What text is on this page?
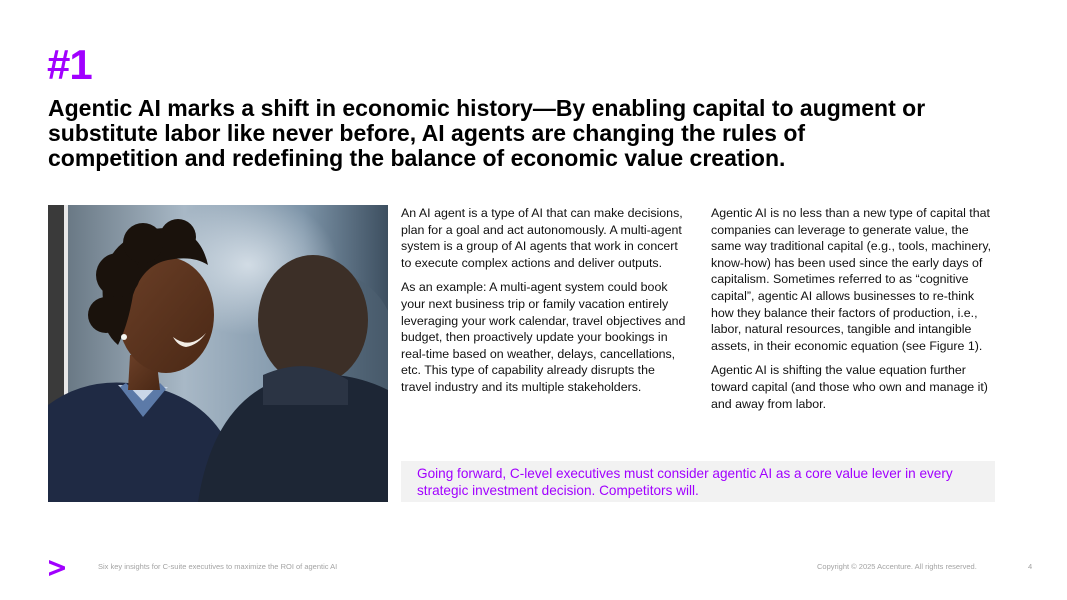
#1
Agentic AI marks a shift in economic history—By enabling capital to augment or substitute labor like never before, AI agents are changing the rules of competition and redefining the balance of economic value creation.

An AI agent is a type of AI that can make decisions, plan for a goal and act autonomously. A multi-agent system is a group of AI agents that work in concert to execute complex actions and deliver outputs.

As an example: A multi-agent system could book your next business trip or family vacation entirely leveraging your work calendar, travel objectives and budget, then proactively update your bookings in real-time based on weather, delays, cancellations, etc. This type of capability already disrupts the travel industry and its multiple stakeholders.

Agentic AI is no less than a new type of capital that companies can leverage to generate value, the same way traditional capital (e.g., tools, machinery, know-how) has been used since the early days of capitalism. Sometimes referred to as “cognitive capital”, agentic AI allows businesses to re-think how they balance their factors of production, i.e., labor, natural resources, tangible and intangible assets, in their economic equation (see Figure 1).

Agentic AI is shifting the value equation further toward capital (and those who own and manage it) and away from labor.

Going forward, C-level executives must consider agentic AI as a core value lever in every strategic investment decision. Competitors will.
Six key insights for C-suite executives to maximize the ROI of agentic AI	Copyright © 2025 Accenture. All rights reserved.	4
